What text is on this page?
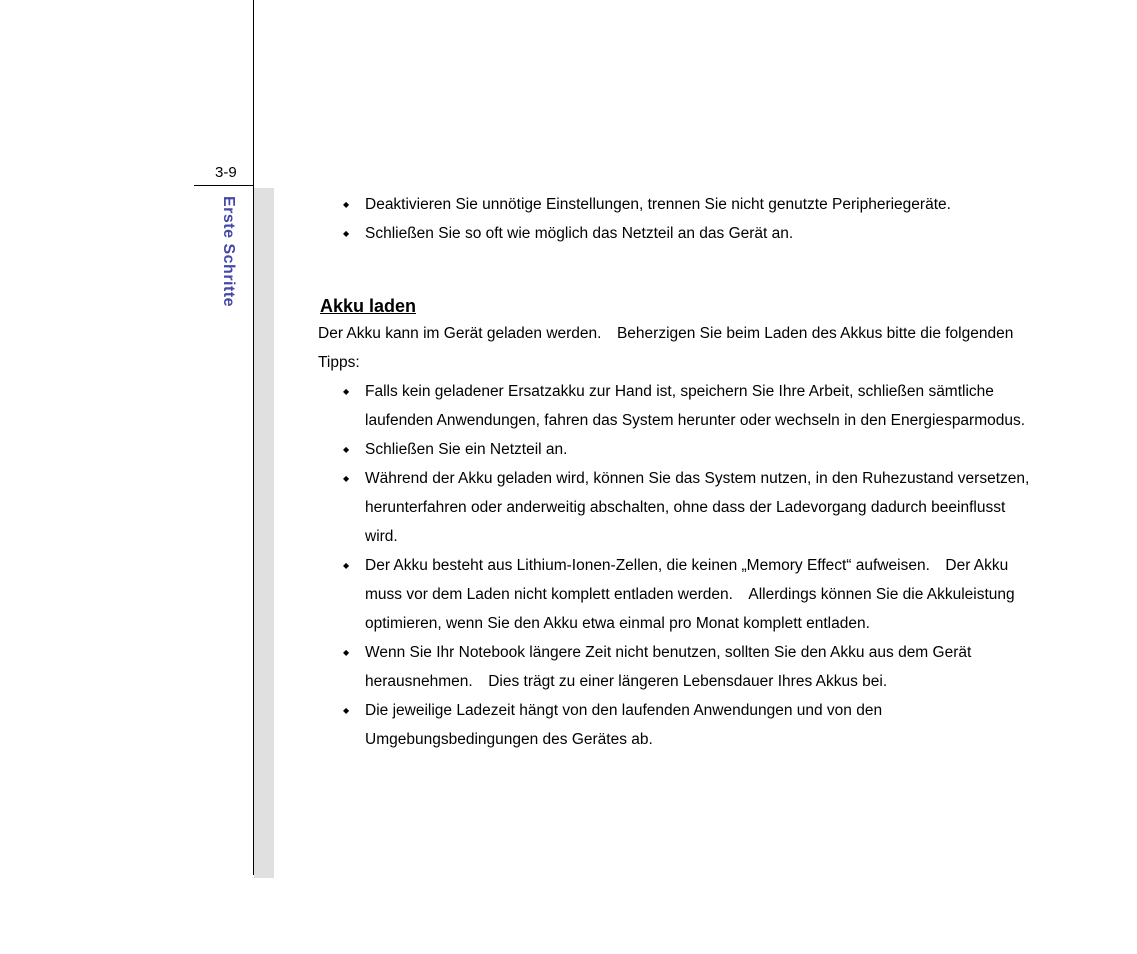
3-9
Erste Schritte
◆	Deaktivieren Sie unnötige Einstellungen, trennen Sie nicht genutzte Peripheriegeräte.
◆ Schließen Sie so oft wie möglich das Netzteil an das Gerät an.
Akku laden

Der Akku kann im Gerät geladen werden.　Beherzigen Sie beim Laden des Akkus bitte die folgenden Tipps:

◆ Falls kein geladener Ersatzakku zur Hand ist, speichern Sie Ihre Arbeit, schließen sämtliche laufenden Anwendungen, fahren das System herunter oder wechseln in den Energiesparmodus.
◆ Schließen Sie ein Netzteil an.
◆ Während der Akku geladen wird, können Sie das System nutzen, in den Ruhezustand versetzen, herunterfahren oder anderweitig abschalten, ohne dass der Ladevorgang dadurch beeinflusst wird.
◆ Der Akku besteht aus Lithium-Ionen-Zellen, die keinen „Memory Effect“ aufweisen.　Der Akku muss vor dem Laden nicht komplett entladen werden.　Allerdings können Sie die Akkuleistung optimieren, wenn Sie den Akku etwa einmal pro Monat komplett entladen.
◆ Wenn Sie Ihr Notebook längere Zeit nicht benutzen, sollten Sie den Akku aus dem Gerät herausnehmen.　Dies trägt zu einer längeren Lebensdauer Ihres Akkus bei.
◆ Die jeweilige Ladezeit hängt von den laufenden Anwendungen und von den Umgebungsbedingungen des Gerätes ab.
